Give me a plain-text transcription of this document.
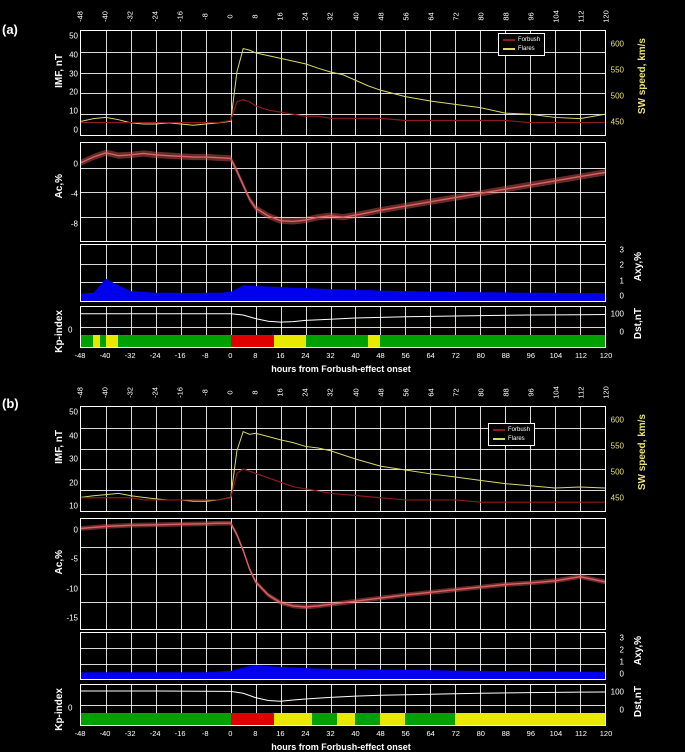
(a)
-48 -40 -32 -24 -16 -8 0 8 16 24 32 40 48 56 64 72 80 88 96 104 112 120
Forbush
Flares
IMF, nT	SW speed, km/s
50
40
30
20
10
0
600
550
500
450
Ac,%
0
-4
-8
Axy,%
3
2
1
0
Kp-index	Dst,nT
100
0
0
-48 -40 -32 -24 -16 -8	0	8	16 24 32 40 48 56 64 72 80 88 96 104 112 120
hours from Forbush-effect onset
(b)
-48 -40 -32 -24 -16 -8 0 8 16 24 32 40 48 56 64 72 80 88 96 104 112 120
Forbush
Flares
IMF, nT	SW speed, km/s
50
40
30
20
10
600
550
500
450
Ac,%
0
-5
-10
-15
Axy,%
3
2
1
0
Kp-index	Dst,nT
100
0
0
-48 -40 -32 -24 -16 -8	0	8	16 24 32 40 48 56 64 72 80 88 96 104 112 120
hours from Forbush-effect onset
